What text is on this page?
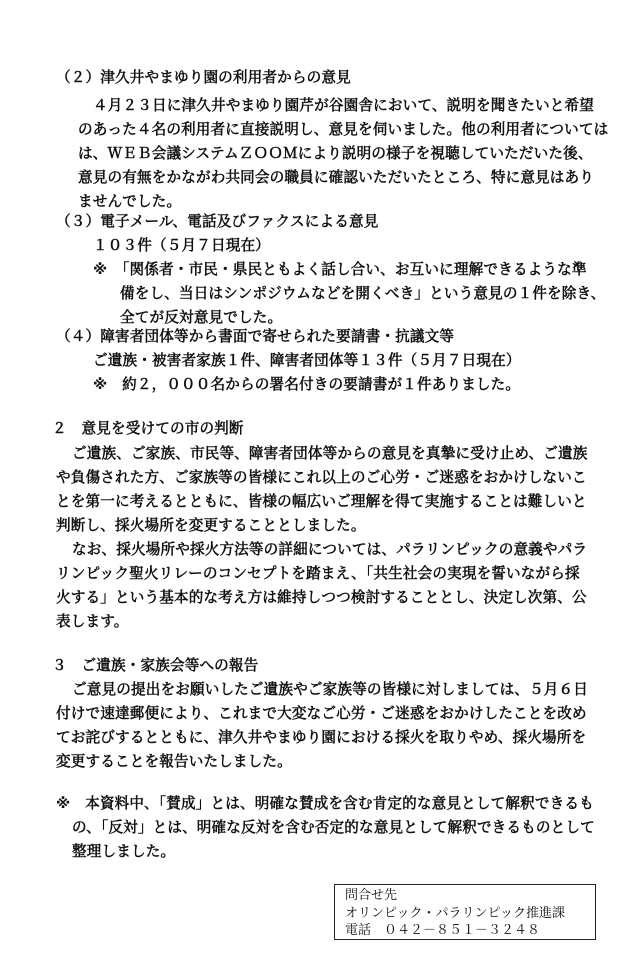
（２）津久井やまゆり園の利用者からの意見
４月２３日に津久井やまゆり園芹が谷園舎において、説明を聞きたいと希望
のあった４名の利用者に直接説明し、意見を伺いました。他の利用者については
は、ＷＥＢ会議システムＺＯＯＭにより説明の様子を視聴していただいた後、
意見の有無をかながわ共同会の職員に確認いただいたところ、特に意見はあり
ませんでした。
（３）電子メール、電話及びファクスによる意見
１０３件（５月７日現在）
※　「関係者・市民・県民ともよく話し合い、お互いに理解できるような準
備をし、当日はシンポジウムなどを開くべき」という意見の１件を除き、
全てが反対意見でした。
（４）障害者団体等から書面で寄せられた要請書・抗議文等
ご遺族・被害者家族１件、障害者団体等１３件（５月７日現在）
※　約２，０００名からの署名付きの要請書が１件ありました。
２　意見を受けての市の判断
ご遺族、ご家族、市民等、障害者団体等からの意見を真摯に受け止め、ご遺族
や負傷された方、ご家族等の皆様にこれ以上のご心労・ご迷惑をおかけしないこ
とを第一に考えるとともに、皆様の幅広いご理解を得て実施することは難しいと
判断し、採火場所を変更することとしました。
なお、採火場所や採火方法等の詳細については、パラリンピックの意義やパラ
リンピック聖火リレーのコンセプトを踏まえ、「共生社会の実現を誓いながら採
火する」という基本的な考え方は維持しつつ検討することとし、決定し次第、公
表します。
３　ご遺族・家族会等への報告
ご意見の提出をお願いしたご遺族やご家族等の皆様に対しましては、５月６日
付けで速達郵便により、これまで大変なご心労・ご迷惑をおかけしたことを改め
てお詫びするとともに、津久井やまゆり園における採火を取りやめ、採火場所を
変更することを報告いたしました。
※　本資料中、「賛成」とは、明確な賛成を含む肯定的な意見として解釈できるも
の、「反対」とは、明確な反対を含む否定的な意見として解釈できるものとして
整理しました。
問合せ先
オリンピック・パラリンピック推進課
電話　０４２－８５１－３２４８
